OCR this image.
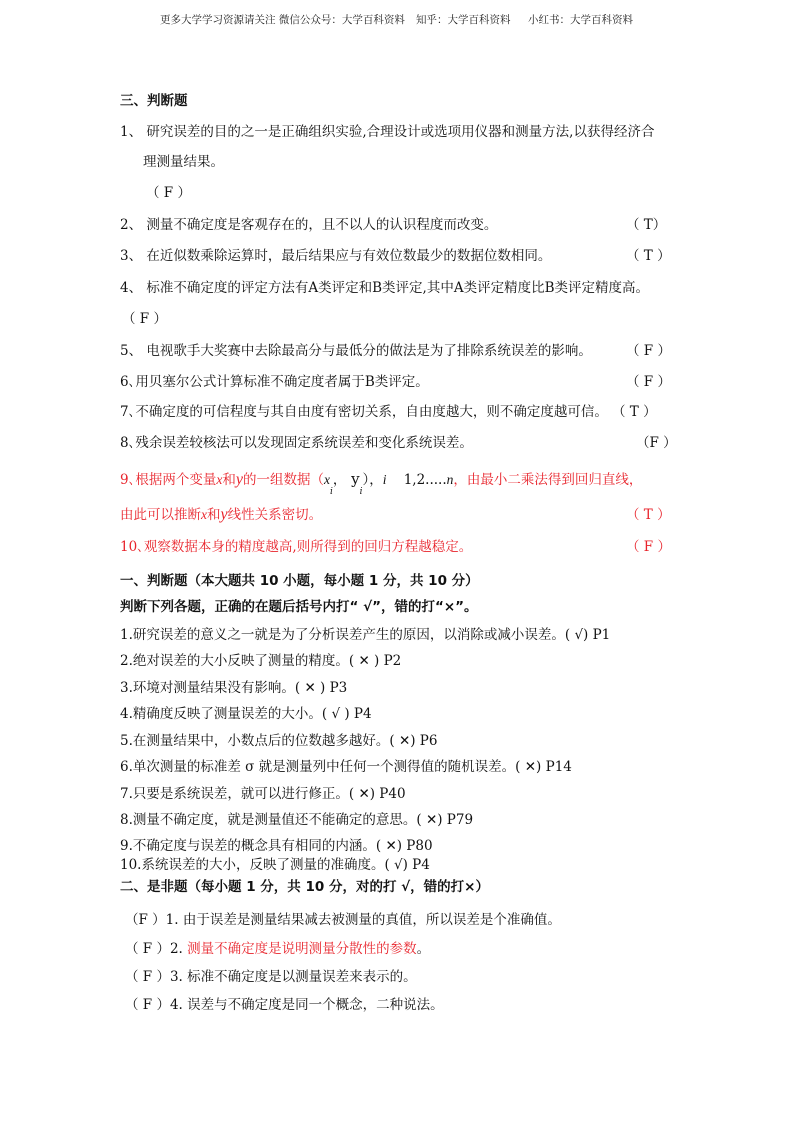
更多大学学习资源请关注 微信公众号：大学百科资料 知乎：大学百科资料 小红书：大学百科资料
三、判断题
1、 研究误差的目的之一是正确组织实验,合理设计或选项用仪器和测量方法,以获得经济合
理测量结果。
（ F ）
2、 测量不确定度是客观存在的，且不以人的认识程度而改变。	（ T）
3、 在近似数乘除运算时，最后结果应与有效位数最少的数据位数相同。	（ T ）
4、 标准不确定度的评定方法有A类评定和B类评定,其中A类评定精度比B类评定精度高。
（ F ）
5、 电视歌手大奖赛中去除最高分与最低分的做法是为了排除系统误差的影响。	（ F ）
6､用贝塞尔公式计算标准不确定度者属于B类评定。	（ F ）
7､不确定度的可信程度与其自由度有密切关系，自由度越大，则不确定度越可信。 （ T ）
8､残余误差较核法可以发现固定系统误差和变化系统误差。	（F ）
9､根据两个变量x和y的一组数据（$x_i$， $y_i$），i 1,2.....n，由最小二乘法得到回归直线，
由此可以推断x和y线性关系密切。	（ T ）
10､观察数据本身的精度越高,则所得到的回归方程越稳定。	（ F ）
一、判断题（本大题共 10 小题，每小题 1 分，共 10 分）
判断下列各题，正确的在题后括号内打“ √”，错的打“×”。
1.研究误差的意义之一就是为了分析误差产生的原因，以消除或减小误差。( √) P1
2.绝对误差的大小反映了测量的精度。( ✕ ) P2
3.环境对测量结果没有影响。( ✕ ) P3
4.精确度反映了测量误差的大小。( √ ) P4
5.在测量结果中，小数点后的位数越多越好。( ✕) P6
6.单次测量的标准差 σ 就是测量列中任何一个测得值的随机误差。( ✕) P14
7.只要是系统误差，就可以进行修正。( ✕) P40
8.测量不确定度，就是测量值还不能确定的意思。( ✕) P79
9.不确定度与误差的概念具有相同的内涵。( ✕) P80
10.系统误差的大小，反映了测量的准确度。( √) P4
二、是非题（每小题 1 分，共 10 分，对的打 √，错的打×）
（F ）1. 由于误差是测量结果减去被测量的真值，所以误差是个准确值。
（ F ）2. 测量不确定度是说明测量分散性的参数。
（ F ）3. 标准不确定度是以测量误差来表示的。
（ F ）4. 误差与不确定度是同一个概念，二种说法。
